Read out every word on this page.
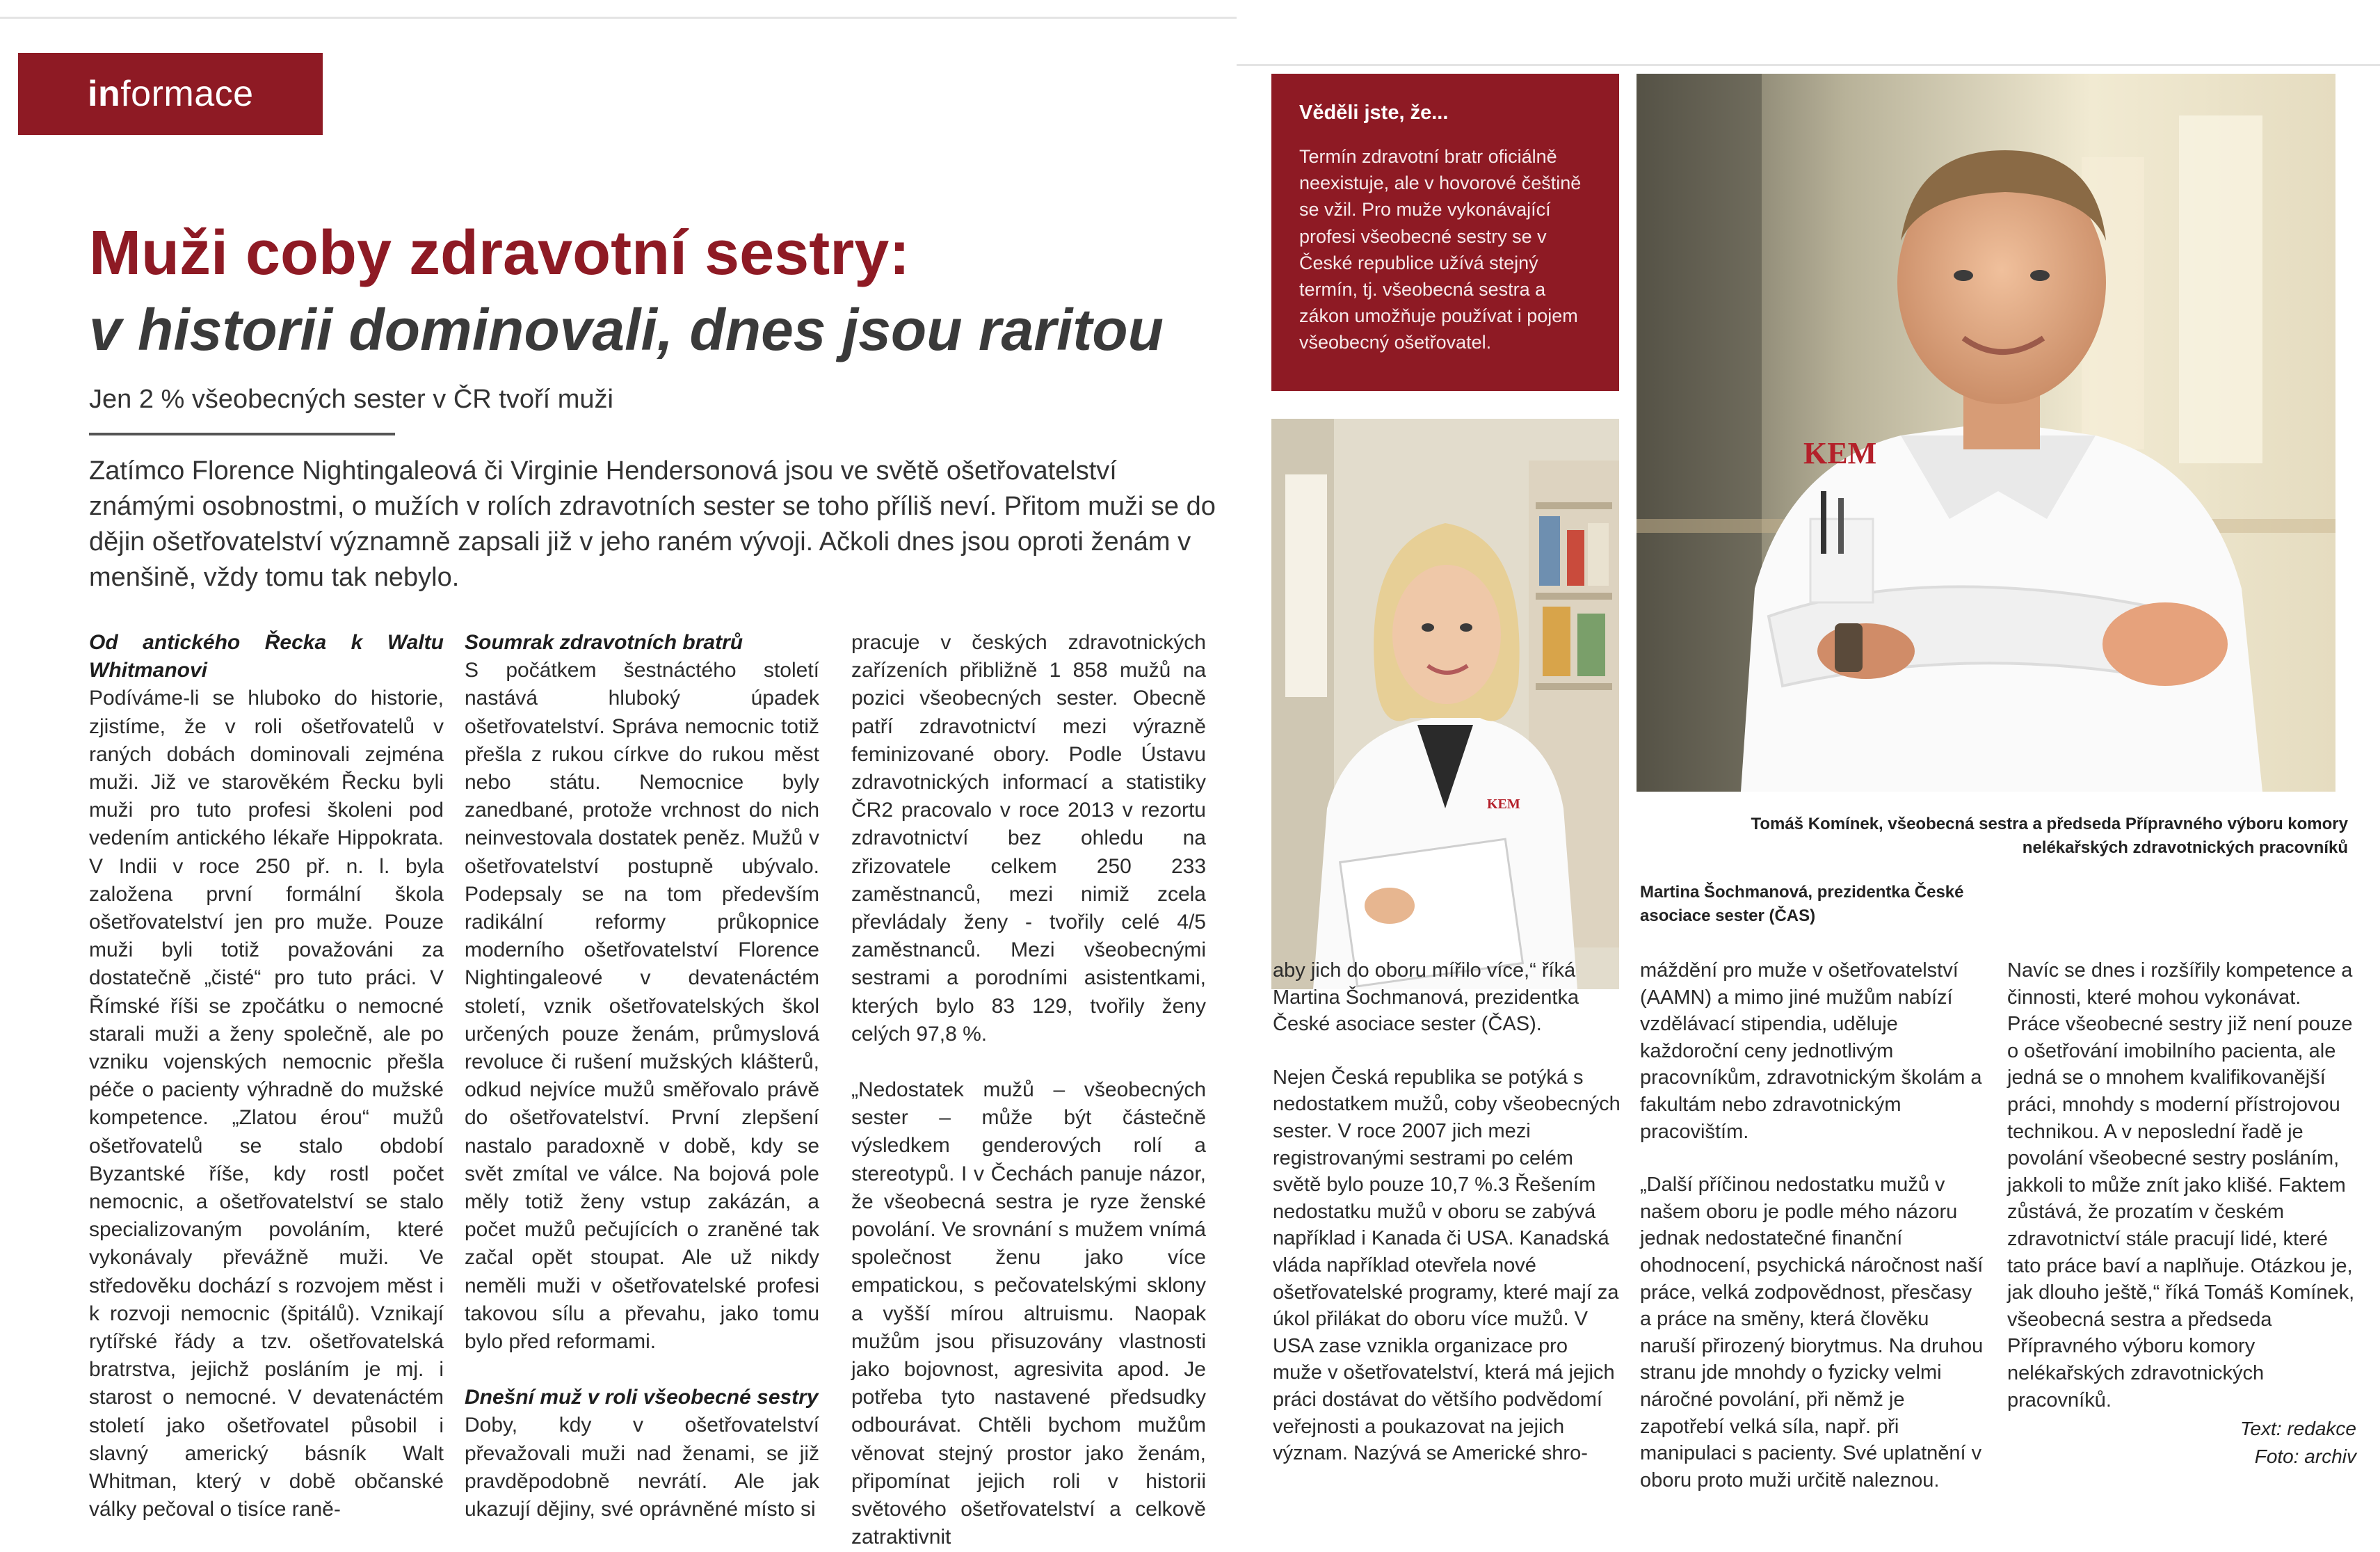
informace
Muži coby zdravotní sestry:
v historii dominovali, dnes jsou raritou
Jen 2 % všeobecných sester v ČR tvoří muži
Zatímco Florence Nightingaleová či Virginie Hendersonová jsou ve světě ošetřovatelství známými osobnostmi, o mužích v rolích zdravotních sester se toho příliš neví. Přitom muži se do dějin ošetřovatelství významně zapsali již v jeho raném vývoji. Ačkoli dnes jsou oproti ženám v menšině, vždy tomu tak nebylo.

Od antického Řecka k Waltu Whitmanovi

Podíváme-li se hluboko do historie, zjistíme, že v roli ošetřovatelů v raných dobách dominovali zejména muži. Již ve starověkém Řecku byli muži pro tuto profesi školeni pod vedením antického lékaře Hippokrata. V Indii v roce 250 př. n. l. byla založena první formální škola ošetřovatelství jen pro muže. Pouze muži byli totiž považováni za dostatečně „čisté“ pro tuto práci. V Římské říši se zpočátku o nemocné starali muži a ženy společně, ale po vzniku vojenských nemocnic přešla péče o pacienty výhradně do mužské kompetence. „Zlatou érou“ mužů ošetřovatelů se stalo období Byzantské říše, kdy rostl počet nemocnic, a ošetřovatelství se stalo specializovaným povoláním, které vykonávaly převážně muži. Ve středověku dochází s rozvojem měst i k rozvoji nemocnic (špitálů). Vznikají rytířské řády a tzv. ošetřovatelská bratrstva, jejichž posláním je mj. i starost o nemocné. V devatenáctém století jako ošetřovatel působil i slavný americký básník Walt Whitman, který v době občanské války pečoval o tisíce raně-

Soumrak zdravotních bratrů

S počátkem šestnáctého století nastává hluboký úpadek ošetřovatelství. Správa nemocnic totiž přešla z rukou církve do rukou měst nebo státu. Nemocnice byly zanedbané, protože vrchnost do nich neinvestovala dostatek peněz. Mužů v ošetřovatelství postupně ubývalo. Podepsaly se na tom především radikální reformy průkopnice moderního ošetřovatelství Florence Nightingaleové v devatenáctém století, vznik ošetřovatelských škol určených pouze ženám, průmyslová revoluce či rušení mužských klášterů, odkud nejvíce mužů směřovalo právě do ošetřovatelství. První zlepšení nastalo paradoxně v době, kdy se svět zmítal ve válce. Na bojová pole měly totiž ženy vstup zakázán, a počet mužů pečujících o zraněné tak začal opět stoupat. Ale už nikdy neměli muži v ošetřovatelské profesi takovou sílu a převahu, jako tomu bylo před reformami.

Dnešní muž v roli všeobecné sestry

Doby, kdy v ošetřovatelství převažovali muži nad ženami, se již pravděpodobně nevrátí. Ale jak ukazují dějiny, své oprávněné místo si

pracuje v českých zdravotnických zařízeních přibližně 1 858 mužů na pozici všeobecných sester. Obecně patří zdravotnictví mezi výrazně feminizované obory. Podle Ústavu zdravotnických informací a statistiky ČR2 pracovalo v roce 2013 v rezortu zdravotnictví bez ohledu na zřizovatele celkem 250 233 zaměstnanců, mezi nimiž zcela převládaly ženy - tvořily celé 4/5 zaměstnanců. Mezi všeobecnými sestrami a porodními asistentkami, kterých bylo 83 129, tvořily ženy celých 97,8 %.

„Nedostatek mužů – všeobecných sester – může být částečně výsledkem genderových rolí a stereotypů. I v Čechách panuje názor, že všeobecná sestra je ryze ženské povolání. Ve srovnání s mužem vnímá společnost ženu jako více empatickou, s pečovatelskými sklony a vyšší mírou altruismu. Naopak mužům jsou přisuzovány vlastnosti jako bojovnost, agresivita apod. Je potřeba tyto nastavené předsudky odbourávat. Chtěli bychom mužům věnovat stejný prostor jako ženám, připomínat jejich roli v historii světového ošetřovatelství a celkově zatraktivnit

Věděli jste, že...
Termín zdravotní bratr oficiálně neexistuje, ale v hovorové češtině se vžil. Pro muže vykonávající profesi všeobecné sestry se v České republice užívá stejný termín, tj. všeobecná sestra a zákon umožňuje používat i pojem všeobecný ošetřovatel.
KEM
KEM
Tomáš Komínek, všeobecná sestra a předseda Přípravného výboru komory nelékařských zdravotnických pracovníků
Martina Šochmanová, prezidentka České asociace sester (ČAS)

aby jich do oboru mířilo více,“ říká Martina Šochmanová, prezidentka České asociace sester (ČAS).

Nejen Česká republika se potýká s nedostatkem mužů, coby všeobecných sester. V roce 2007 jich mezi registrovanými sestrami po celém světě bylo pouze 10,7 %.3 Řešením nedostatku mužů v oboru se zabývá například i Kanada či USA. Kanadská vláda například otevřela nové ošetřovatelské programy, které mají za úkol přilákat do oboru více mužů. V USA zase vznikla organizace pro muže v ošetřovatelství, která má jejich práci dostávat do většího podvědomí veřejnosti a poukazovat na jejich význam. Nazývá se Americké shro-

máždění pro muže v ošetřovatelství (AAMN) a mimo jiné mužům nabízí vzdělávací stipendia, uděluje každoroční ceny jednotlivým pracovníkům, zdravotnickým školám a fakultám nebo zdravotnickým pracovištím.

„Další příčinou nedostatku mužů v našem oboru je podle mého názoru jednak nedostatečné finanční ohodnocení, psychická náročnost naší práce, velká zodpovědnost, přesčasy a práce na směny, která člověku naruší přirozený biorytmus. Na druhou stranu jde mnohdy o fyzicky velmi náročné povolání, při němž je zapotřebí velká síla, např. při manipulaci s pacienty. Své uplatnění v oboru proto muži určitě naleznou.

Navíc se dnes i rozšířily kompetence a činnosti, které mohou vykonávat. Práce všeobecné sestry již není pouze o ošetřování imobilního pacienta, ale jedná se o mnohem kvalifikovanější práci, mnohdy s moderní přístrojovou technikou. A v neposlední řadě je povolání všeobecné sestry posláním, jakkoli to může znít jako klišé. Faktem zůstává, že prozatím v českém zdravotnictví stále pracují lidé, které tato práce baví a naplňuje. Otázkou je, jak dlouho ještě,“ říká Tomáš Komínek, všeobecná sestra a předseda Přípravného výboru komory nelékařských zdravotnických pracovníků.

Text: redakce
Foto: archiv
